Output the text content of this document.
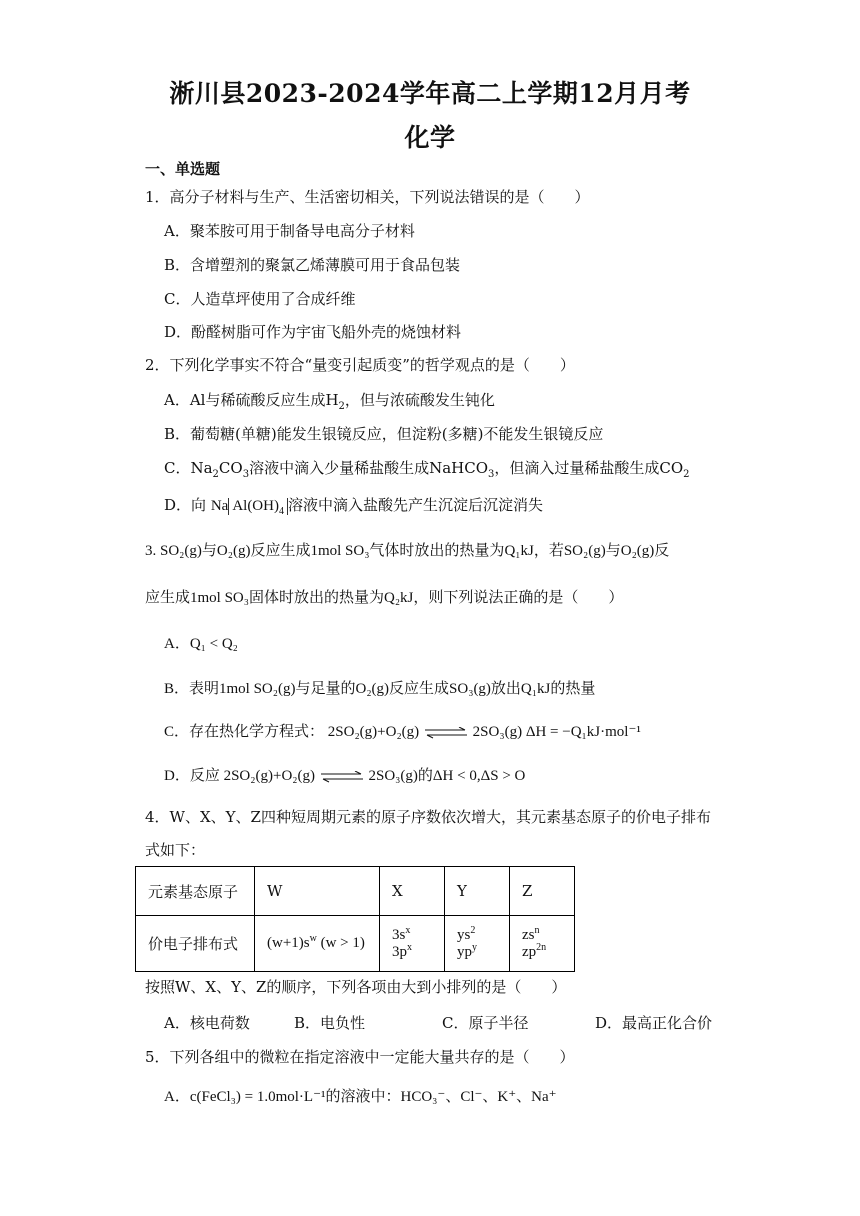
淅川县2023-2024学年高二上学期12月月考
化学
一、单选题
1．高分子材料与生产、生活密切相关，下列说法错误的是（　　）
A．聚苯胺可用于制备导电高分子材料
B．含增塑剂的聚氯乙烯薄膜可用于食品包装
C．人造草坪使用了合成纤维
D．酚醛树脂可作为宇宙飞船外壳的烧蚀材料
2．下列化学事实不符合“量变引起质变”的哲学观点的是（　　）
A．Al与稀硫酸反应生成$H_2$，但与浓硫酸发生钝化
B．葡萄糖(单糖)能发生银镜反应，但淀粉(多糖)不能发生银镜反应
C．$Na_2CO_3$溶液中滴入少量稀盐酸生成NaHCO$_3$，但滴入过量稀盐酸生成$CO_2$
D．向 Na $Al(OH)_4$ 溶液中滴入盐酸先产生沉淀后沉淀消失
3. SO₂(g)与O₂(g)反应生成1mol SO₃气体时放出的热量为Q₁kJ，若SO₂(g)与O₂(g)反
应生成1mol SO₃固体时放出的热量为Q₂kJ，则下列说法正确的是（　　）
A．Q₁ < Q₂
B．表明1mol SO₂(g)与足量的O₂(g)反应生成SO₃(g)放出Q₁kJ的热量
C．存在热化学方程式： 2SO₂(g)+O₂(g) ⇌ 2SO₃(g) ΔH = −Q₁kJ·mol⁻¹
D．反应 2SO₂(g)+O₂(g) ⇌ 2SO₃(g)的ΔH < 0,ΔS > O
4．W、X、Y、Z四种短周期元素的原子序数依次增大，其元素基态原子的价电子排布
式如下：
元素基态原子	W	X	Y	Z
价电子排布式	$(w+1)s^w$ (w > 1)	$3s^x$ $3p^x$	$ys^2$ $yp^y$	$zs^n$ $zp^{2n}$
按照W、X、Y、Z的顺序，下列各项由大到小排列的是（　　）
A．核电荷数	B．电负性	C．原子半径	D．最高正化合价
5．下列各组中的微粒在指定溶液中一定能大量共存的是（　　）
A．c(FeCl₃) = 1.0mol·L⁻¹的溶液中：HCO₃⁻、Cl⁻、K⁺、Na⁺
